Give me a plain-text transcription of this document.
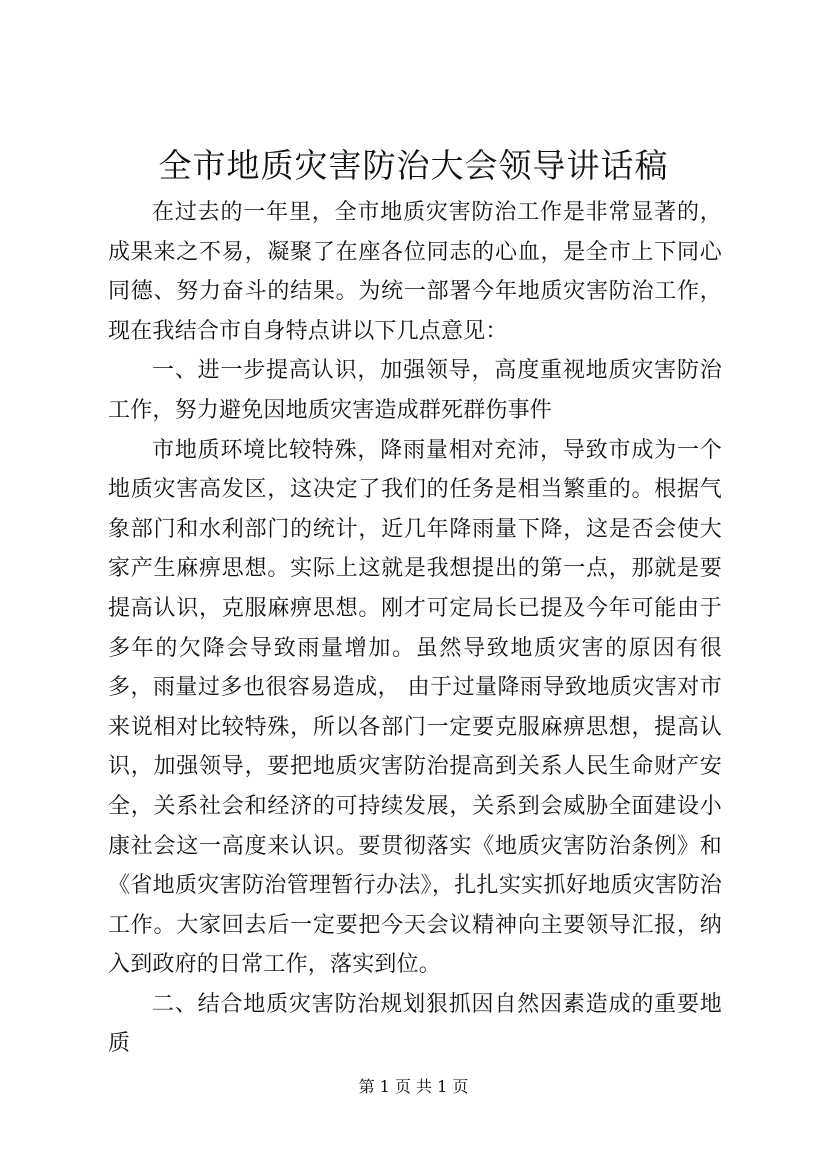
全市地质灾害防治大会领导讲话稿

在过去的一年里，全市地质灾害防治工作是非常显著的，成果来之不易，凝聚了在座各位同志的心血，是全市上下同心同德、努力奋斗的结果。为统一部署今年地质灾害防治工作，现在我结合市自身特点讲以下几点意见：

一、进一步提高认识，加强领导，高度重视地质灾害防治工作，努力避免因地质灾害造成群死群伤事件

市地质环境比较特殊，降雨量相对充沛，导致市成为一个地质灾害高发区，这决定了我们的任务是相当繁重的。根据气象部门和水利部门的统计，近几年降雨量下降，这是否会使大家产生麻痹思想。实际上这就是我想提出的第一点，那就是要提高认识，克服麻痹思想。刚才可定局长已提及今年可能由于多年的欠降会导致雨量增加。虽然导致地质灾害的原因有很多，雨量过多也很容易造成， 由于过量降雨导致地质灾害对市来说相对比较特殊，所以各部门一定要克服麻痹思想，提高认识，加强领导，要把地质灾害防治提高到关系人民生命财产安全，关系社会和经济的可持续发展，关系到会威胁全面建设小康社会这一高度来认识。要贯彻落实《地质灾害防治条例》和《省地质灾害防治管理暂行办法》，扎扎实实抓好地质灾害防治工作。大家回去后一定要把今天会议精神向主要领导汇报，纳入到政府的日常工作，落实到位。

二、结合地质灾害防治规划狠抓因自然因素造成的重要地质

第 1 页 共 1 页
